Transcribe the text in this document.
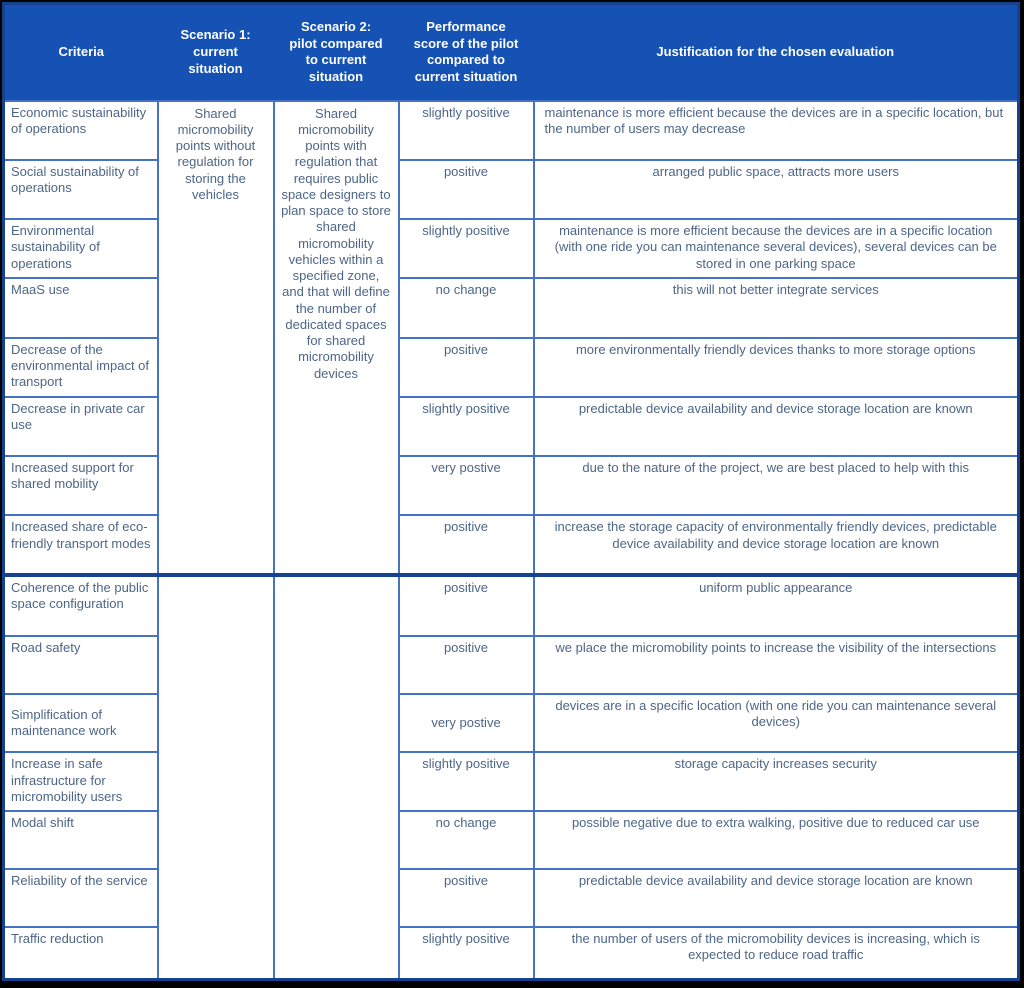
Criteria	Scenario 1: current situation	Scenario 2: pilot compared to current situation	Performance score of the pilot compared to current situation	Justification for the chosen evaluation
Economic sustainability of operations	Shared micromobility points without regulation for storing the vehicles	Shared micromobility points with regulation that requires public space designers to plan space to store shared micromobility vehicles within a specified zone, and that will define the number of dedicated spaces for shared micromobility devices	slightly positive	maintenance is more efficient because the devices are in a specific location, but the number of users may decrease
Social sustainability of operations			positive	arranged public space, attracts more users
Environmental sustainability of operations			slightly positive	maintenance is more efficient because the devices are in a specific location (with one ride you can maintenance several devices), several devices can be stored in one parking space
MaaS use			no change	this will not better integrate services
Decrease of the environmental impact of transport			positive	more environmentally friendly devices thanks to more storage options
Decrease in private car use			slightly positive	predictable device availability and device storage location are known
Increased support for shared mobility			very postive	due to the nature of the project, we are best placed to help with this
Increased share of eco-friendly transport modes			positive	increase the storage capacity of environmentally friendly devices, predictable device availability and device storage location are known
Coherence of the public space configuration			positive	uniform public appearance
Road safety			positive	we place the micromobility points to increase the visibility of the intersections
Simplification of maintenance work			very postive	devices are in a specific location (with one ride you can maintenance several devices)
Increase in safe infrastructure for micromobility users			slightly positive	storage capacity increases security
Modal shift			no change	possible negative due to extra walking, positive due to reduced car use
Reliability of the service			positive	predictable device availability and device storage location are known
Traffic reduction			slightly positive	the number of users of the micromobility devices is increasing, which is expected to reduce road traffic
